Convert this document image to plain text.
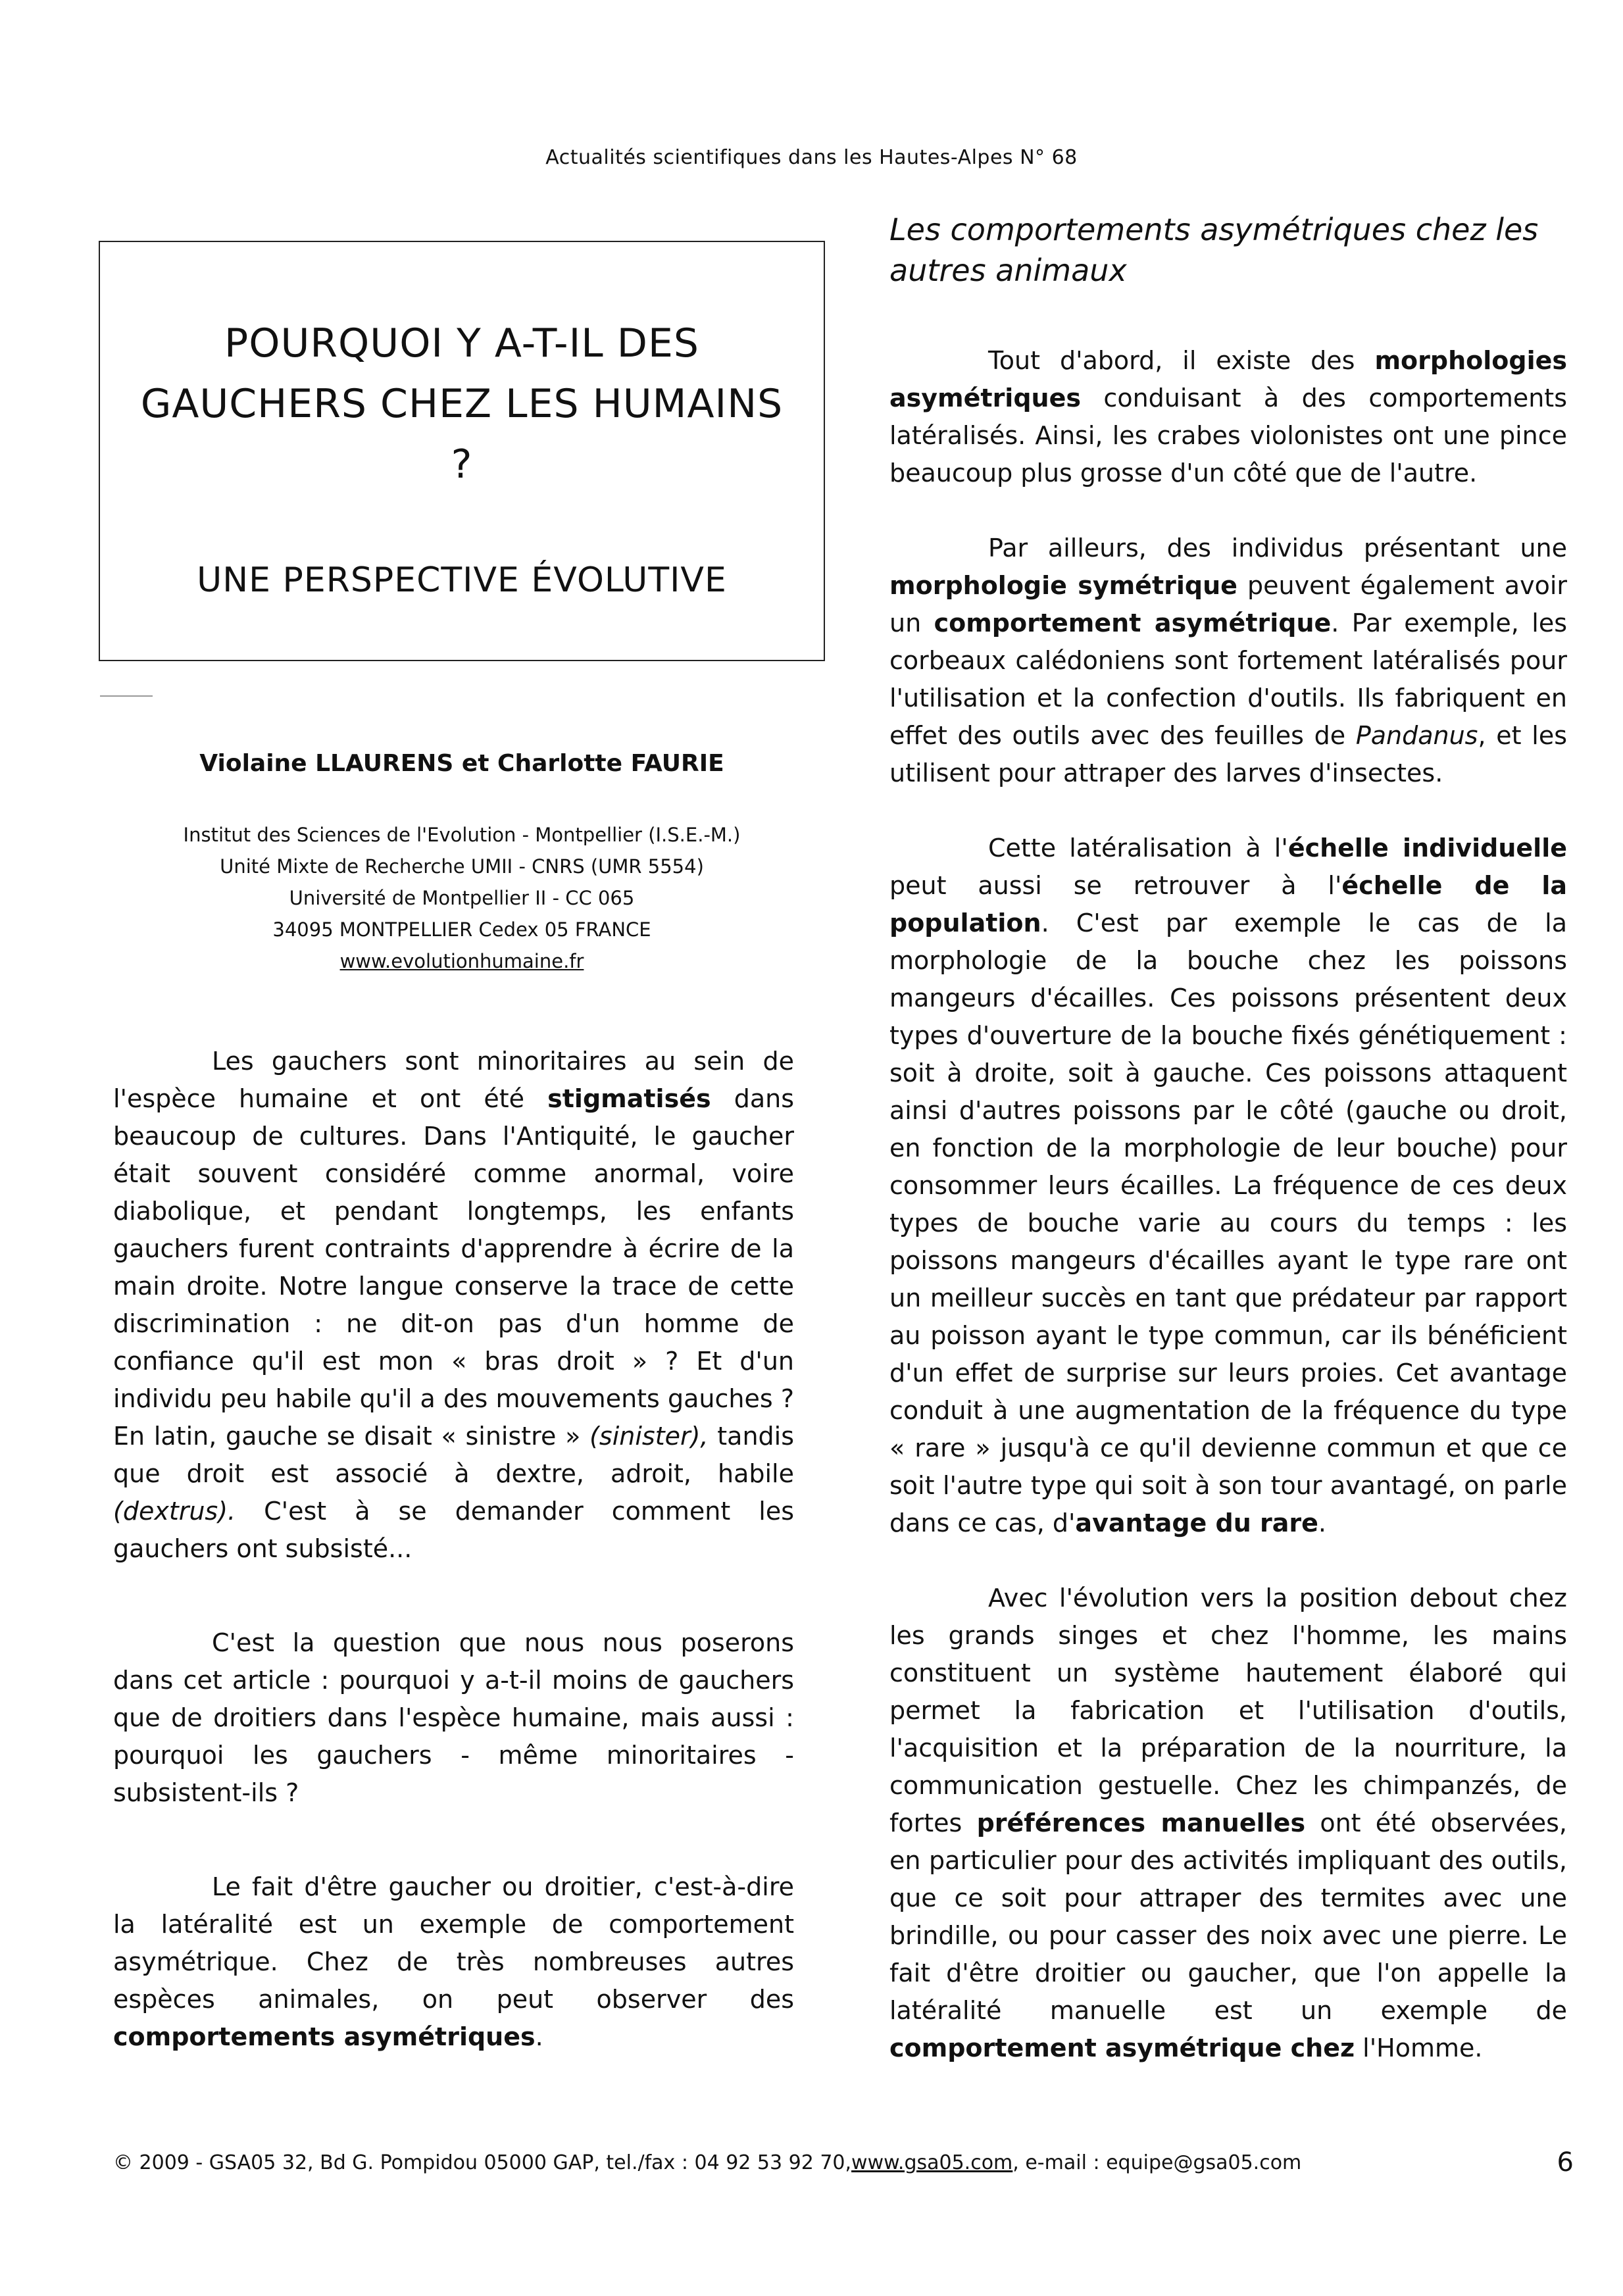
Actualités scientifiques dans les Hautes-Alpes N° 68
POURQUOI Y A-T-IL DES GAUCHERS CHEZ LES HUMAINS ?
UNE PERSPECTIVE ÉVOLUTIVE
Violaine LLAURENS et Charlotte FAURIE
Institut des Sciences de l'Evolution - Montpellier (I.S.E.-M.)
Unité Mixte de Recherche UMII - CNRS (UMR 5554)
Université de Montpellier II - CC 065
34095 MONTPELLIER Cedex 05 FRANCE
www.evolutionhumaine.fr

Les gauchers sont minoritaires au sein de l'espèce humaine et ont été stigmatisés dans beaucoup de cultures. Dans l'Antiquité, le gaucher était souvent considéré comme anormal, voire diabolique, et pendant longtemps, les enfants gauchers furent contraints d'apprendre à écrire de la main droite. Notre langue conserve la trace de cette discrimination : ne dit-on pas d'un homme de confiance qu'il est mon « bras droit » ? Et d'un individu peu habile qu'il a des mouvements gauches ? En latin, gauche se disait « sinistre » (sinister), tandis que droit est associé à dextre, adroit, habile (dextrus). C'est à se demander comment les gauchers ont subsisté...

C'est la question que nous nous poserons dans cet article : pourquoi y a-t-il moins de gauchers que de droitiers dans l'espèce humaine, mais aussi : pourquoi les gauchers - même minoritaires - subsistent-ils ?

Le fait d'être gaucher ou droitier, c'est-à-dire la latéralité est un exemple de comportement asymétrique. Chez de très nombreuses autres espèces animales, on peut observer des comportements asymétriques.

Les comportements asymétriques chez les autres animaux

Tout d'abord, il existe des morphologies asymétriques conduisant à des comportements latéralisés. Ainsi, les crabes violonistes ont une pince beaucoup plus grosse d'un côté que de l'autre.

Par ailleurs, des individus présentant une morphologie symétrique peuvent également avoir un comportement asymétrique. Par exemple, les corbeaux calédoniens sont fortement latéralisés pour l'utilisation et la confection d'outils. Ils fabriquent en effet des outils avec des feuilles de Pandanus, et les utilisent pour attraper des larves d'insectes.

Cette latéralisation à l'échelle individuelle peut aussi se retrouver à l'échelle de la population. C'est par exemple le cas de la morphologie de la bouche chez les poissons mangeurs d'écailles. Ces poissons présentent deux types d'ouverture de la bouche fixés génétiquement : soit à droite, soit à gauche. Ces poissons attaquent ainsi d'autres poissons par le côté (gauche ou droit, en fonction de la morphologie de leur bouche) pour consommer leurs écailles. La fréquence de ces deux types de bouche varie au cours du temps : les poissons mangeurs d'écailles ayant le type rare ont un meilleur succès en tant que prédateur par rapport au poisson ayant le type commun, car ils bénéficient d'un effet de surprise sur leurs proies. Cet avantage conduit à une augmentation de la fréquence du type « rare » jusqu'à ce qu'il devienne commun et que ce soit l'autre type qui soit à son tour avantagé, on parle dans ce cas, d'avantage du rare.

Avec l'évolution vers la position debout chez les grands singes et chez l'homme, les mains constituent un système hautement élaboré qui permet la fabrication et l'utilisation d'outils, l'acquisition et la préparation de la nourriture, la communication gestuelle. Chez les chimpanzés, de fortes préférences manuelles ont été observées, en particulier pour des activités impliquant des outils, que ce soit pour attraper des termites avec une brindille, ou pour casser des noix avec une pierre. Le fait d'être droitier ou gaucher, que l'on appelle la latéralité manuelle est un exemple de comportement asymétrique chez l'Homme.

© 2009 - GSA05 32, Bd G. Pompidou 05000 GAP, tel./fax : 04 92 53 92 70,www.gsa05.com, e-mail : equipe@gsa05.com	6
